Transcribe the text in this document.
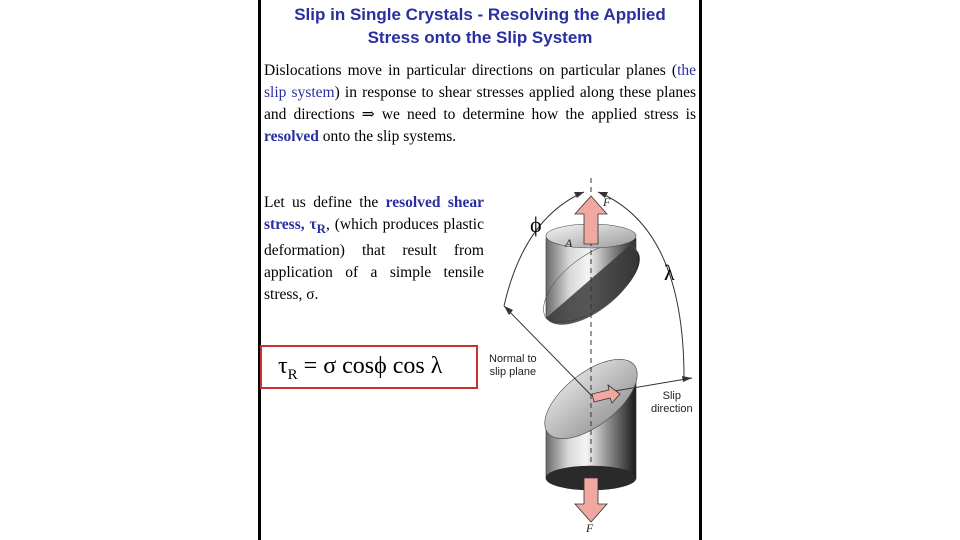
Slip in Single Crystals - Resolving the Applied
Stress onto the Slip System
Dislocations move in particular directions on particular planes (the slip system) in response to shear stresses applied along these planes and directions ⇒ we need to determine how the applied stress is resolved onto the slip systems.
Let us define the resolved shear stress, $\tau_R$, (which produces plastic deformation) that result from application of a simple tensile stress, σ.
$\tau_R = \sigma$ cosϕ cos λ
ϕ
λ
F
F
A
Normal to
slip plane
Slip
direction
